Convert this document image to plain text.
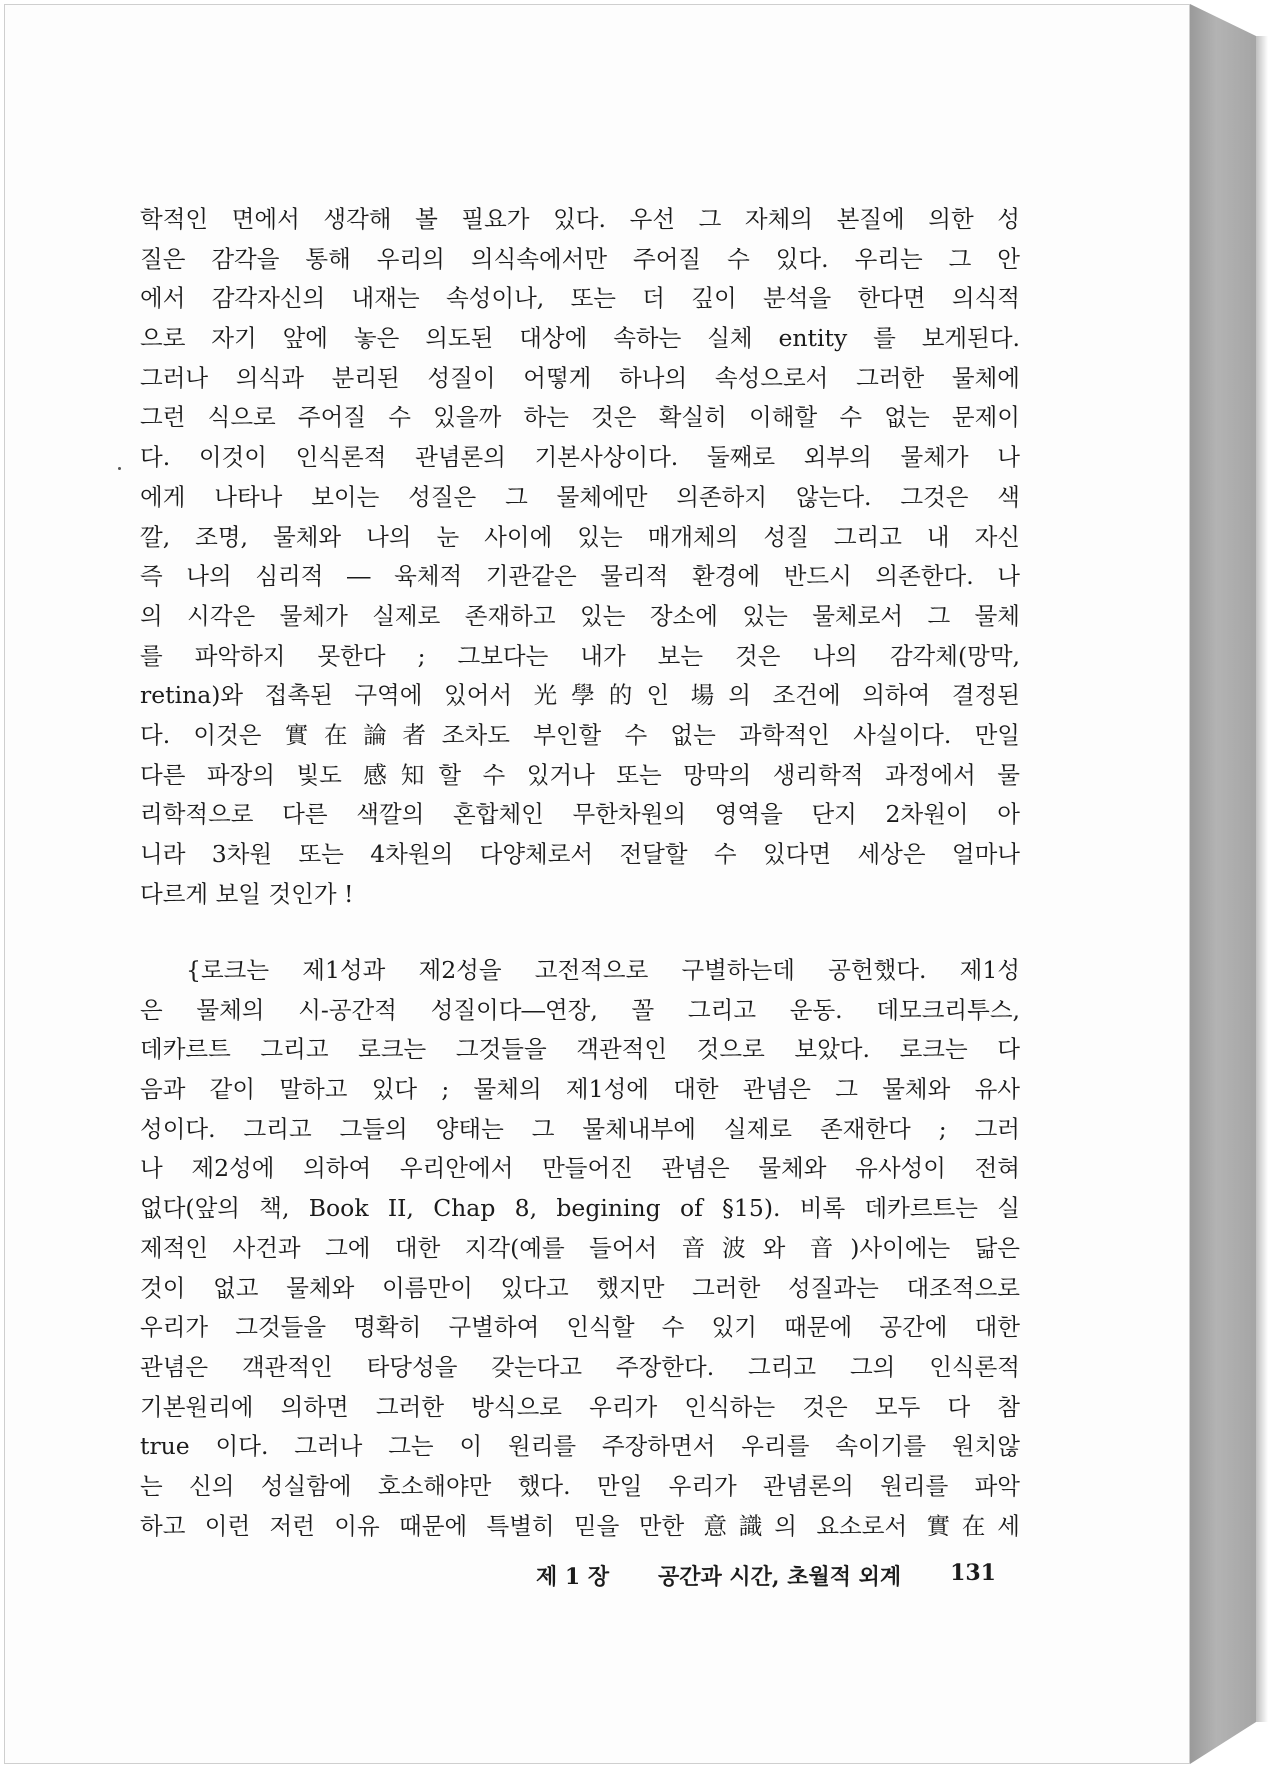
학적인 면에서 생각해 볼 필요가 있다. 우선 그 자체의 본질에 의한 성
질은 감각을 통해 우리의 의식속에서만 주어질 수 있다. 우리는 그 안
에서 감각자신의 내재는 속성이나, 또는 더 깊이 분석을 한다면 의식적
으로 자기 앞에 놓은 의도된 대상에 속하는 실체 entity 를 보게된다.
그러나 의식과 분리된 성질이 어떻게 하나의 속성으로서 그러한 물체에
그런 식으로 주어질 수 있을까 하는 것은 확실히 이해할 수 없는 문제이
다. 이것이 인식론적 관념론의 기본사상이다. 둘째로 외부의 물체가 나
에게 나타나 보이는 성질은 그 물체에만 의존하지 않는다. 그것은 색
깔, 조명, 물체와 나의 눈 사이에 있는 매개체의 성질 그리고 내 자신
즉 나의 심리적 ― 육체적 기관같은 물리적 환경에 반드시 의존한다. 나
의 시각은 물체가 실제로 존재하고 있는 장소에 있는 물체로서 그 물체
를 파악하지 못한다 ; 그보다는 내가 보는 것은 나의 감각체(망막,
retina)와 접촉된 구역에 있어서 光學的인 場의 조건에 의하여 결정된
다. 이것은 實在論者조차도 부인할 수 없는 과학적인 사실이다. 만일
다른 파장의 빛도 感知할 수 있거나 또는 망막의 생리학적 과정에서 물
리학적으로 다른 색깔의 혼합체인 무한차원의 영역을 단지 2차원이 아
니라 3차원 또는 4차원의 다양체로서 전달할 수 있다면 세상은 얼마나
다르게 보일 것인가 !
{로크는 제1성과 제2성을 고전적으로 구별하는데 공헌했다. 제1성
은 물체의 시-공간적 성질이다―연장, 꼴 그리고 운동. 데모크리투스,
데카르트 그리고 로크는 그것들을 객관적인 것으로 보았다. 로크는 다
음과 같이 말하고 있다 ; 물체의 제1성에 대한 관념은 그 물체와 유사
성이다. 그리고 그들의 양태는 그 물체내부에 실제로 존재한다 ; 그러
나 제2성에 의하여 우리안에서 만들어진 관념은 물체와 유사성이 전혀
없다(앞의 책, Book II, Chap 8, begining of §15). 비록 데카르트는 실
제적인 사건과 그에 대한 지각(예를 들어서 音波와 音)사이에는 닮은
것이 없고 물체와 이름만이 있다고 했지만 그러한 성질과는 대조적으로
우리가 그것들을 명확히 구별하여 인식할 수 있기 때문에 공간에 대한
관념은 객관적인 타당성을 갖는다고 주장한다. 그리고 그의 인식론적
기본원리에 의하면 그러한 방식으로 우리가 인식하는 것은 모두 다 참
true 이다. 그러나 그는 이 원리를 주장하면서 우리를 속이기를 원치않
는 신의 성실함에 호소해야만 했다. 만일 우리가 관념론의 원리를 파악
하고 이런 저런 이유 때문에 특별히 믿을 만한 意識의 요소로서 實在세
제 1 장 공간과 시간, 초월적 외계 131
